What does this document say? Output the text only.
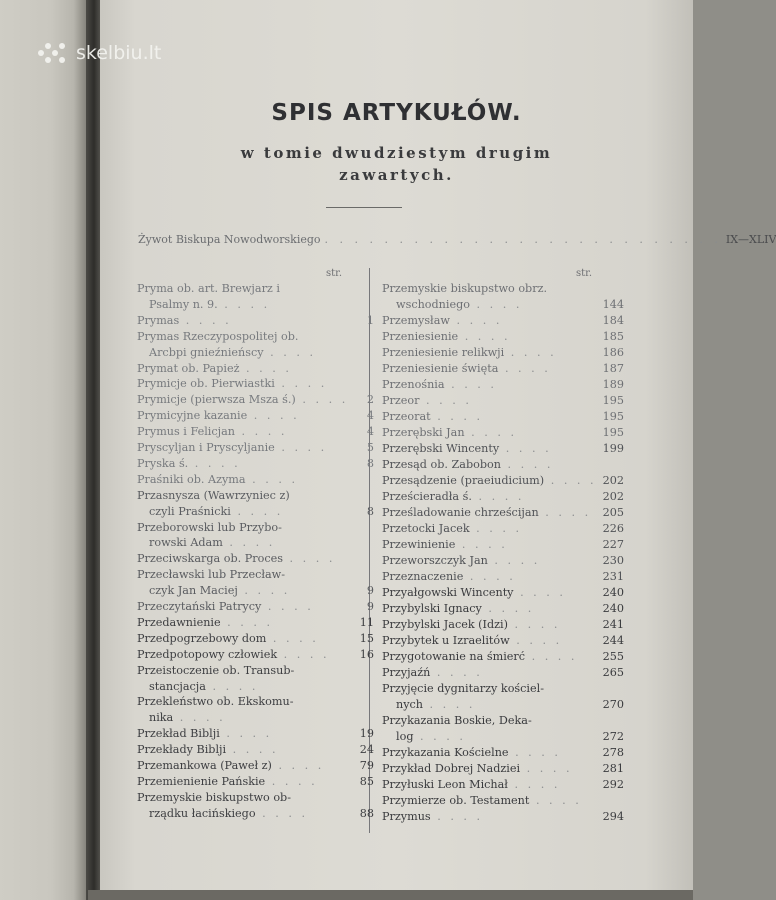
skelbiu.lt
SPIS ARTYKUŁÓW.

w tomie dwudziestym drugim

zawartych.

Żywot Biskupa Nowodworskiego . . . . . . . . . . . . . . . . . . . . . . . . . . . IX—XLIV
str.	str.
Pryma ob. art. Brewjarz i
Psalmy n. 9. . . . .
Prymas . . . .	1
Prymas Rzeczypospolitej ob.
Arcbpi gnieźnieńscy . . . .
Prymat ob. Papież . . . .
Prymicje ob. Pierwiastki . . . .
Prymicje (pierwsza Msza ś.) . . . .	2
Prymicyjne kazanie . . . .	4
Prymus i Felicjan . . . .	4
Pryscyljan i Pryscyljanie . . . .	5
Pryska ś. . . . .	8
Praśniki ob. Azyma . . . .
Przasnysza (Wawrzyniec z)
czyli Praśnicki . . . .	8
Przeborowski lub Przybo-
rowski Adam . . . .
Przeciwskarga ob. Proces . . . .
Przecławski lub Przecław-
czyk Jan Maciej . . . .	9
Przeczytański Patrycy . . . .	9
Przedawnienie . . . .	11
Przedpogrzebowy dom . . . .	15
Przedpotopowy człowiek . . . .	16
Przeistoczenie ob. Transub-
stancjacja . . . .
Przekleństwo ob. Ekskomu-
nika . . . .
Przekład Biblji . . . .	19
Przekłady Biblji . . . .	24
Przemankowa (Paweł z) . . . .	79
Przemienienie Pańskie . . . .	85
Przemyskie biskupstwo ob-
rządku łacińskiego . . . .	88
Przemyskie biskupstwo obrz.
wschodniego . . . .	144
Przemysław . . . .	184
Przeniesienie . . . .	185
Przeniesienie relikwji . . . .	186
Przeniesienie święta . . . .	187
Przenośnia . . . .	189
Przeor . . . .	195
Przeorat . . . .	195
Przerębski Jan . . . .	195
Przerębski Wincenty . . . .	199
Przesąd ob. Zabobon . . . .
Przesądzenie (praeiudicium) . . . . 202
Prześcieradła ś. . . . .	202
Prześladowanie chrześcijan . . . .	205
Przetocki Jacek . . . .	226
Przewinienie . . . .	227
Przeworszczyk Jan . . . .	230
Przeznaczenie . . . .	231
Przyałgowski Wincenty . . . .	240
Przybylski Ignacy . . . .	240
Przybylski Jacek (Idzi) . . . .	241
Przybytek u Izraelitów . . . .	244
Przygotowanie na śmierć . . . .	255
Przyjaźń . . . .	265
Przyjęcie dygnitarzy kościel-
nych . . . .	270
Przykazania Boskie, Deka-
log . . . .	272
Przykazania Kościelne . . . .	278
Przykład Dobrej Nadziei . . . .	281
Przyłuski Leon Michał . . . .	292
Przymierze ob. Testament . . . .
Przymus . . . .	294
